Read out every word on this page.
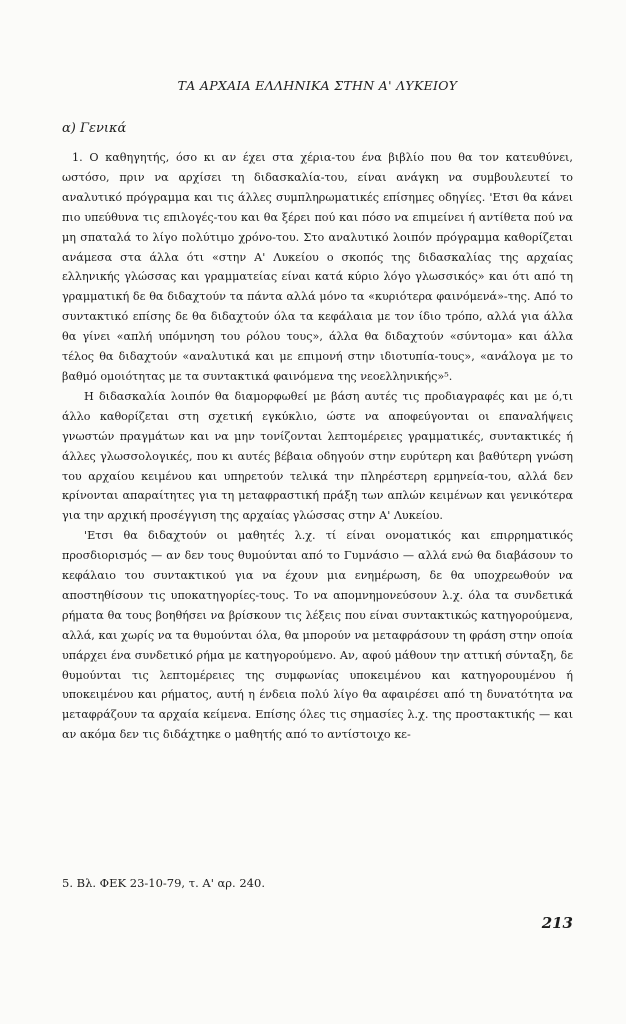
ΤΑ ΑΡΧΑΙΑ ΕΛΛΗΝΙΚΑ ΣΤΗΝ Α' ΛΥΚΕΙΟΥ
α) Γενικά

1. Ο καθηγητής, όσο κι αν έχει στα χέρια-του ένα βιβλίο που θα τον κατευθύνει, ωστόσο, πριν να αρχίσει τη διδασκαλία-του, είναι ανάγκη να συμβουλευτεί το αναλυτικό πρόγραμμα και τις άλλες συμπληρωματικές επίσημες οδηγίες. 'Ετσι θα κάνει πιο υπεύθυνα τις επιλογές-του και θα ξέρει πού και πόσο να επιμείνει ή αντίθετα πού να μη σπαταλά το λίγο πολύτιμο χρόνο-του. Στο αναλυτικό λοιπόν πρόγραμμα καθορίζεται ανάμεσα στα άλλα ότι «στην Α' Λυκείου ο σκοπός της διδασκαλίας της αρχαίας ελληνικής γλώσσας και γραμματείας είναι κατά κύριο λόγο γλωσσικός» και ότι από τη γραμματική δε θα διδαχτούν τα πάντα αλλά μόνο τα «κυριότερα φαινόμενά»-της. Από το συντακτικό επίσης δε θα διδαχτούν όλα τα κεφάλαια με τον ίδιο τρόπο, αλλά για άλλα θα γίνει «απλή υπόμνηση του ρόλου τους», άλλα θα διδαχτούν «σύντομα» και άλλα τέλος θα διδαχτούν «αναλυτικά και με επιμονή στην ιδιοτυπία-τους», «ανάλογα με το βαθμό ομοιότητας με τα συντακτικά φαινόμενα της νεοελληνικής»⁵.

Η διδασκαλία λοιπόν θα διαμορφωθεί με βάση αυτές τις προδιαγραφές και με ό,τι άλλο καθορίζεται στη σχετική εγκύκλιο, ώστε να αποφεύγονται οι επαναλήψεις γνωστών πραγμάτων και να μην τονίζονται λεπτομέρειες γραμματικές, συντακτικές ή άλλες γλωσσολογικές, που κι αυτές βέβαια οδηγούν στην ευρύτερη και βαθύτερη γνώση του αρχαίου κειμένου και υπηρετούν τελικά την πληρέστερη ερμηνεία-του, αλλά δεν κρίνονται απαραίτητες για τη μεταφραστική πράξη των απλών κειμένων και γενικότερα για την αρχική προσέγγιση της αρχαίας γλώσσας στην Α' Λυκείου.

'Ετσι θα διδαχτούν οι μαθητές λ.χ. τί είναι ονοματικός και επιρρηματικός προσδιορισμός — αν δεν τους θυμούνται από το Γυμνάσιο — αλλά ενώ θα διαβάσουν το κεφάλαιο του συντακτικού για να έχουν μια ενημέρωση, δε θα υποχρεωθούν να αποστηθίσουν τις υποκατηγορίες-τους. Το να απομνημονεύσουν λ.χ. όλα τα συνδετικά ρήματα θα τους βοηθήσει να βρίσκουν τις λέξεις που είναι συντακτικώς κατηγορούμενα, αλλά, και χωρίς να τα θυμούνται όλα, θα μπορούν να μεταφράσουν τη φράση στην οποία υπάρχει ένα συνδετικό ρήμα με κατηγορούμενο. Αν, αφού μάθουν την αττική σύνταξη, δε θυμούνται τις λεπτομέρειες της συμφωνίας υποκειμένου και κατηγορουμένου ή υποκειμένου και ρήματος, αυτή η ένδεια πολύ λίγο θα αφαιρέσει από τη δυνατότητα να μεταφράζουν τα αρχαία κείμενα. Επίσης όλες τις σημασίες λ.χ. της προστακτικής — και αν ακόμα δεν τις διδάχτηκε ο μαθητής από το αντίστοιχο κε-

5. Βλ. ΦΕΚ 23-10-79, τ. Α' αρ. 240.
213
